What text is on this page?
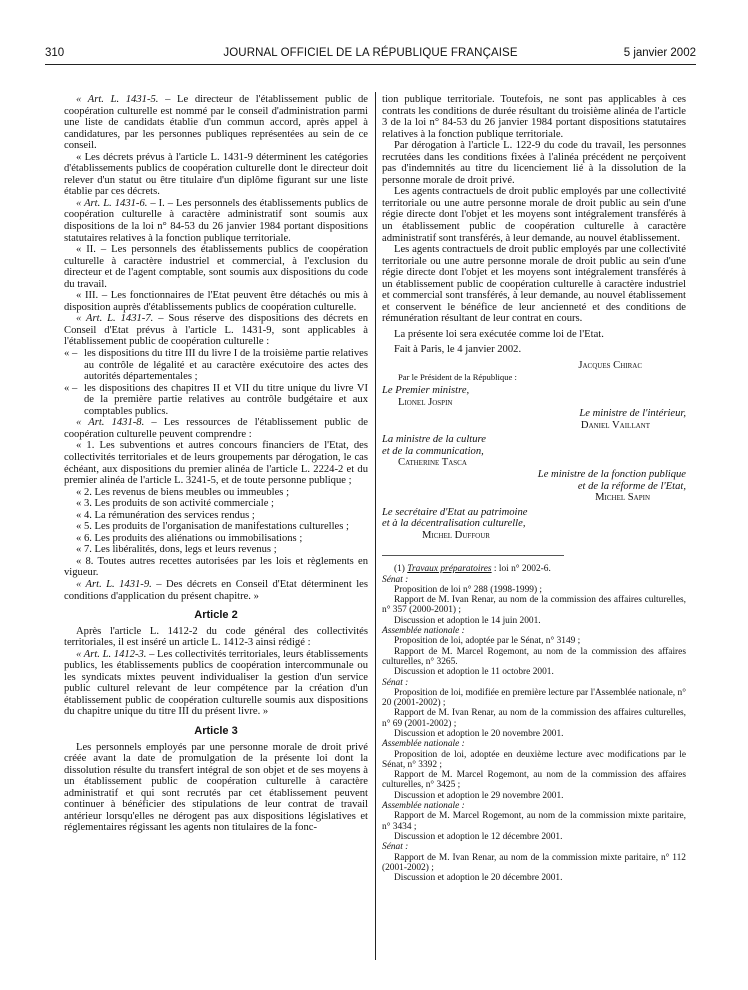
310	JOURNAL OFFICIEL DE LA RÉPUBLIQUE FRANÇAISE	5 janvier 2002

« Art. L. 1431-5. – Le directeur de l'établissement public de coopération culturelle est nommé par le conseil d'administration parmi une liste de candidats établie d'un commun accord, après appel à candidatures, par les personnes publiques représentées au sein de ce conseil.

« Les décrets prévus à l'article L. 1431-9 déterminent les catégories d'établissements publics de coopération culturelle dont le directeur doit relever d'un statut ou être titulaire d'un diplôme figurant sur une liste établie par ces décrets.

« Art. L. 1431-6. – I. – Les personnels des établissements publics de coopération culturelle à caractère administratif sont soumis aux dispositions de la loi n° 84-53 du 26 janvier 1984 portant dispositions statutaires relatives à la fonction publique territoriale.

« II. – Les personnels des établissements publics de coopération culturelle à caractère industriel et commercial, à l'exclusion du directeur et de l'agent comptable, sont soumis aux dispositions du code du travail.

« III. – Les fonctionnaires de l'Etat peuvent être détachés ou mis à disposition auprès d'établissements publics de coopération culturelle.

« Art. L. 1431-7. – Sous réserve des dispositions des décrets en Conseil d'Etat prévus à l'article L. 1431-9, sont applicables à l'établissement public de coopération culturelle :

« – les dispositions du titre III du livre I de la troisième partie relatives au contrôle de légalité et au caractère exécutoire des actes des autorités départementales ;
« – les dispositions des chapitres II et VII du titre unique du livre VI de la première partie relatives au contrôle budgétaire et aux comptables publics.

« Art. 1431-8. – Les ressources de l'établissement public de coopération culturelle peuvent comprendre :

« 1. Les subventions et autres concours financiers de l'Etat, des collectivités territoriales et de leurs groupements par dérogation, le cas échéant, aux dispositions du premier alinéa de l'article L. 2224-2 et du premier alinéa de l'article L. 3241-5, et de toute personne publique ;

« 2. Les revenus de biens meubles ou immeubles ;

« 3. Les produits de son activité commerciale ;

« 4. La rémunération des services rendus ;

« 5. Les produits de l'organisation de manifestations culturelles ;

« 6. Les produits des aliénations ou immobilisations ;

« 7. Les libéralités, dons, legs et leurs revenus ;

« 8. Toutes autres recettes autorisées par les lois et règlements en vigueur.

« Art. L. 1431-9. – Des décrets en Conseil d'Etat déterminent les conditions d'application du présent chapitre. »

Article 2

Après l'article L. 1412-2 du code général des collectivités territoriales, il est inséré un article L. 1412-3 ainsi rédigé :

« Art. L. 1412-3. – Les collectivités territoriales, leurs établissements publics, les établissements publics de coopération intercommunale ou les syndicats mixtes peuvent individualiser la gestion d'un service public culturel relevant de leur compétence par la création d'un établissement public de coopération culturelle soumis aux dispositions du chapitre unique du titre III du présent livre. »

Article 3

Les personnels employés par une personne morale de droit privé créée avant la date de promulgation de la présente loi dont la dissolution résulte du transfert intégral de son objet et de ses moyens à un établissement public de coopération culturelle à caractère administratif et qui sont recrutés par cet établissement peuvent continuer à bénéficier des stipulations de leur contrat de travail antérieur lorsqu'elles ne dérogent pas aux dispositions législatives et réglementaires régissant les agents non titulaires de la fonc-

tion publique territoriale. Toutefois, ne sont pas applicables à ces contrats les conditions de durée résultant du troisième alinéa de l'article 3 de la loi n° 84-53 du 26 janvier 1984 portant dispositions statutaires relatives à la fonction publique territoriale.

Par dérogation à l'article L. 122-9 du code du travail, les personnes recrutées dans les conditions fixées à l'alinéa précédent ne perçoivent pas d'indemnités au titre du licenciement lié à la dissolution de la personne morale de droit privé.

Les agents contractuels de droit public employés par une collectivité territoriale ou une autre personne morale de droit public au sein d'une régie directe dont l'objet et les moyens sont intégralement transférés à un établissement public de coopération culturelle à caractère administratif sont transférés, à leur demande, au nouvel établissement.

Les agents contractuels de droit public employés par une collectivité territoriale ou une autre personne morale de droit public au sein d'une régie directe dont l'objet et les moyens sont intégralement transférés à un établissement public de coopération culturelle à caractère industriel et commercial sont transférés, à leur demande, au nouvel établissement et conservent le bénéfice de leur ancienneté et des conditions de rémunération résultant de leur contrat en cours.

La présente loi sera exécutée comme loi de l'Etat.

Fait à Paris, le 4 janvier 2002.

Jacques Chirac

Par le Président de la République :

Le Premier ministre,

Lionel Jospin

Le ministre de l'intérieur,

Daniel Vaillant

La ministre de la culture

et de la communication,

Catherine Tasca

Le ministre de la fonction publique

et de la réforme de l'Etat,

Michel Sapin

Le secrétaire d'Etat au patrimoine

et à la décentralisation culturelle,

Michel Duffour

(1) Travaux préparatoires : loi n° 2002-6.

Sénat :

Proposition de loi n° 288 (1998-1999) ;

Rapport de M. Ivan Renar, au nom de la commission des affaires culturelles, n° 357 (2000-2001) ;

Discussion et adoption le 14 juin 2001.

Assemblée nationale :

Proposition de loi, adoptée par le Sénat, n° 3149 ;

Rapport de M. Marcel Rogemont, au nom de la commission des affaires culturelles, n° 3265.

Discussion et adoption le 11 octobre 2001.

Sénat :

Proposition de loi, modifiée en première lecture par l'Assemblée nationale, n° 20 (2001-2002) ;

Rapport de M. Ivan Renar, au nom de la commission des affaires culturelles, n° 69 (2001-2002) ;

Discussion et adoption le 20 novembre 2001.

Assemblée nationale :

Proposition de loi, adoptée en deuxième lecture avec modifications par le Sénat, n° 3392 ;

Rapport de M. Marcel Rogemont, au nom de la commission des affaires culturelles, n° 3425 ;

Discussion et adoption le 29 novembre 2001.

Assemblée nationale :

Rapport de M. Marcel Rogemont, au nom de la commission mixte paritaire, n° 3434 ;

Discussion et adoption le 12 décembre 2001.

Sénat :

Rapport de M. Ivan Renar, au nom de la commission mixte paritaire, n° 112 (2001-2002) ;

Discussion et adoption le 20 décembre 2001.
